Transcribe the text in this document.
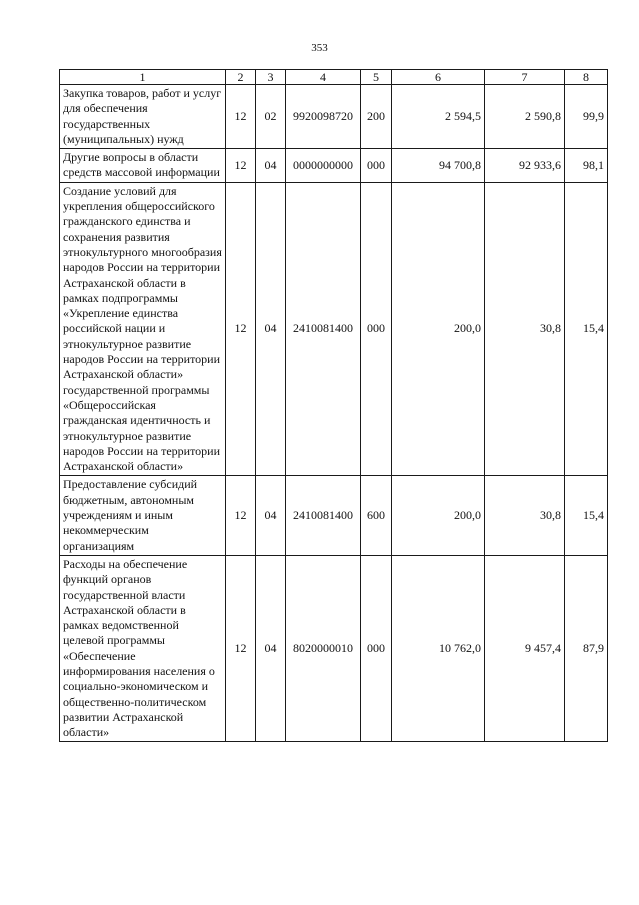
353
1	2	3	4	5	6	7	8
Закупка товаров, работ и услуг для обеспечения государственных (муниципальных) нужд	12	02	9920098720	200	2 594,5	2 590,8	99,9
Другие вопросы в области средств массовой информации	12	04	0000000000	000	94 700,8	92 933,6	98,1
Создание условий для укрепления общероссийского гражданского единства и сохранения развития этнокультурного многообразия народов России на территории Астраханской области в рамках подпрограммы «Укрепление единства российской нации и этнокультурное развитие народов России на территории Астраханской области» государственной программы «Общероссийская гражданская идентичность и этнокультурное развитие народов России на территории Астраханской области»	12	04	2410081400	000	200,0	30,8	15,4
Предоставление субсидий бюджетным, автономным учреждениям и иным некоммерческим организациям	12	04	2410081400	600	200,0	30,8	15,4
Расходы на обеспечение функций органов государственной власти Астраханской области в рамках ведомственной целевой программы «Обеспечение информирования населения о социально-экономическом и общественно-политическом развитии Астраханской области»	12	04	8020000010	000	10 762,0	9 457,4	87,9
